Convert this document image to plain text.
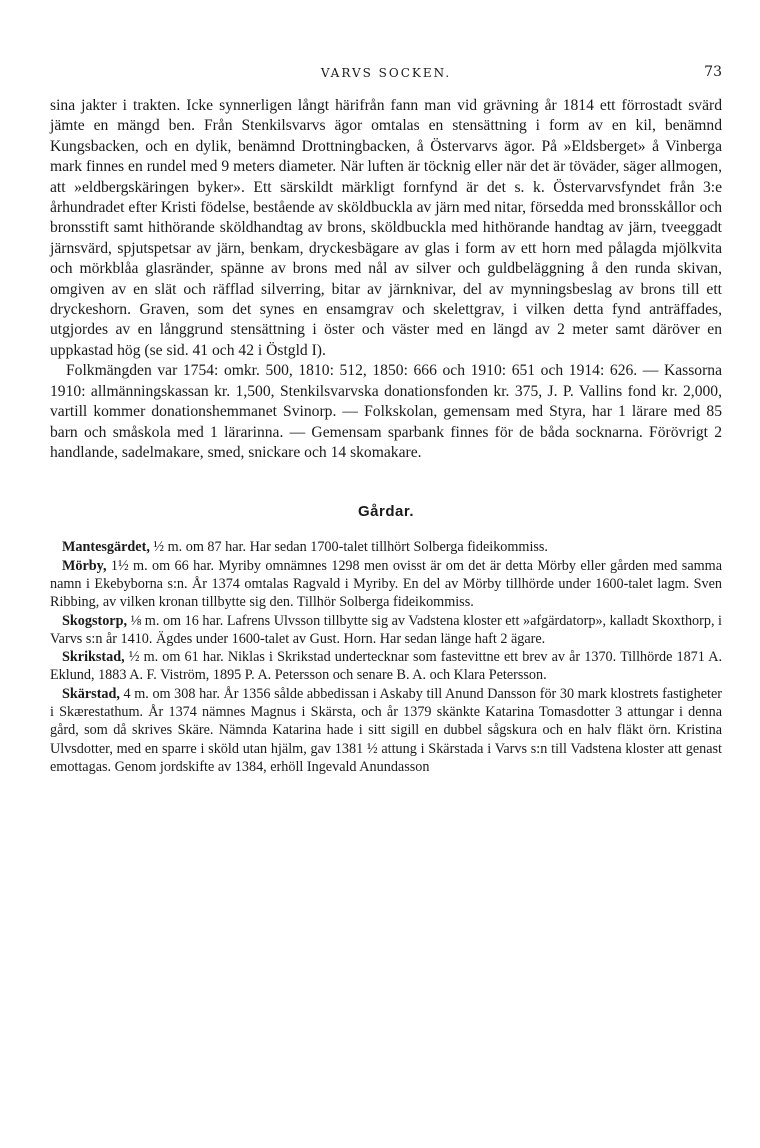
VARVS SOCKEN.	73

sina jakter i trakten. Icke synnerligen långt härifrån fann man vid grävning år 1814 ett förrostadt svärd jämte en mängd ben. Från Stenkilsvarvs ägor omtalas en stensättning i form av en kil, benämnd Kungsbacken, och en dylik, benämnd Drottningbacken, å Östervarvs ägor. På »Eldsberget» å Vinberga mark finnes en rundel med 9 meters diameter. När luften är töcknig eller när det är töväder, säger allmogen, att »eldbergskäringen byker». Ett särskildt märkligt fornfynd är det s. k. Östervarvsfyndet från 3:e århundradet efter Kristi födelse, bestående av sköldbuckla av järn med nitar, försedda med bronsskållor och bronsstift samt hithörande sköldhandtag av brons, sköldbuckla med hithörande handtag av järn, tveeggadt järnsvärd, spjutspetsar av järn, benkam, dryckesbägare av glas i form av ett horn med pålagda mjölkvita och mörkblåa glasränder, spänne av brons med nål av silver och guldbeläggning å den runda skivan, omgiven av en slät och räfflad silverring, bitar av järnknivar, del av mynningsbeslag av brons till ett dryckeshorn. Graven, som det synes en ensamgrav och skelettgrav, i vilken detta fynd anträffades, utgjordes av en långgrund stensättning i öster och väster med en längd av 2 meter samt däröver en uppkastad hög (se sid. 41 och 42 i Östgld I).

Folkmängden var 1754: omkr. 500, 1810: 512, 1850: 666 och 1910: 651 och 1914: 626. — Kassorna 1910: allmänningskassan kr. 1,500, Stenkilsvarvska donationsfonden kr. 375, J. P. Vallins fond kr. 2,000, vartill kommer donationshemmanet Svinorp. — Folkskolan, gemensam med Styra, har 1 lärare med 85 barn och småskola med 1 lärarinna. — Gemensam sparbank finnes för de båda socknarna. Förövrigt 2 handlande, sadelmakare, smed, snickare och 14 skomakare.

Gårdar.

Mantesgärdet, ½ m. om 87 har. Har sedan 1700-talet tillhört Solberga fideikommiss.

Mörby, 1½ m. om 66 har. Myriby omnämnes 1298 men ovisst är om det är detta Mörby eller gården med samma namn i Ekebyborna s:n. År 1374 omtalas Ragvald i Myriby. En del av Mörby tillhörde under 1600-talet lagm. Sven Ribbing, av vilken kronan tillbytte sig den. Tillhör Solberga fideikommiss.

Skogstorp, ⅛ m. om 16 har. Lafrens Ulvsson tillbytte sig av Vadstena kloster ett »afgärdatorp», kalladt Skoxthorp, i Varvs s:n år 1410. Ägdes under 1600-talet av Gust. Horn. Har sedan länge haft 2 ägare.

Skrikstad, ½ m. om 61 har. Niklas i Skrikstad undertecknar som fastevittne ett brev av år 1370. Tillhörde 1871 A. Eklund, 1883 A. F. Viström, 1895 P. A. Petersson och senare B. A. och Klara Petersson.

Skärstad, 4 m. om 308 har. År 1356 sålde abbedissan i Askaby till Anund Dansson för 30 mark klostrets fastigheter i Skærestathum. År 1374 nämnes Magnus i Skärsta, och år 1379 skänkte Katarina Tomasdotter 3 attungar i denna gård, som då skrives Skäre. Nämnda Katarina hade i sitt sigill en dubbel sågskura och en halv fläkt örn. Kristina Ulvsdotter, med en sparre i sköld utan hjälm, gav 1381 ½ attung i Skärstada i Varvs s:n till Vadstena kloster att genast emottagas. Genom jordskifte av 1384, erhöll Ingevald Anundasson
